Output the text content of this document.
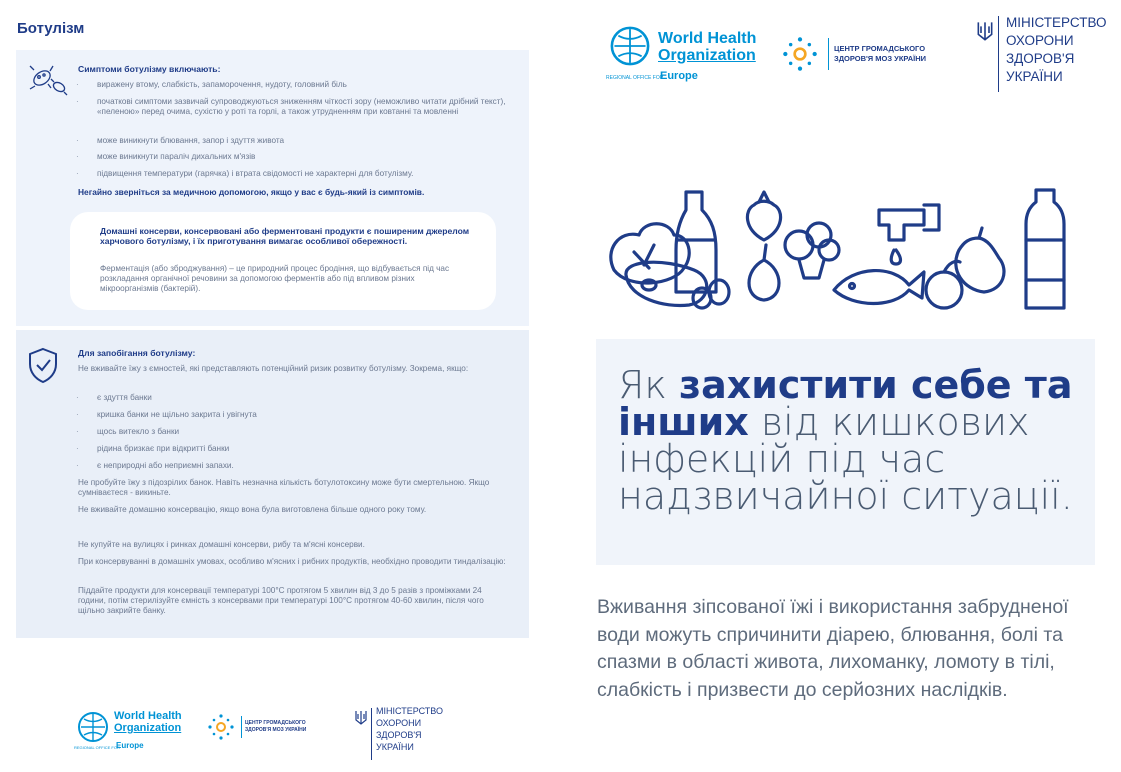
Ботулізм
Симптоми ботулізму включають:
· виражену втому, слабкість, запаморочення, нудоту, головний біль
· початкові симптоми зазвичай супроводжуються зниженням чіткості зору (неможливо читати дрібний текст), «пеленою» перед очима, сухістю у роті та горлі, а також утрудненням при ковтанні та мовленні
· може виникнути блювання, запор і здуття живота
· може виникнути параліч дихальних м'язів
· підвищення температури (гарячка) і втрата свідомості не характерні для ботулізму.
Негайно зверніться за медичною допомогою, якщо у вас є будь-який із симптомів.
Домашні консерви, консервовані або ферментовані продукти є поширеним джерелом харчового ботулізму, і їх приготування вимагає особливої обережності.
Ферментація (або зброджування) – це природний процес бродіння, що відбувається під час розкладання органічної речовини за допомогою ферментів або під впливом різних мікроорганізмів (бактерій).
Для запобігання ботулізму:
Не вживайте їжу з ємностей, які представляють потенційний ризик розвитку ботулізму. Зокрема, якщо:
· є здуття банки
· кришка банки не щільно закрита і увігнута
· щось витекло з банки
· рідина бризкає при відкритті банки
· є неприродні або неприємні запахи.
Не пробуйте їжу з підозрілих банок. Навіть незначна кількість ботулотоксину може бути смертельною. Якщо сумніваєтеся - викиньте.
Не вживайте домашню консервацію, якщо вона була виготовлена більше одного року тому.
Не купуйте на вулицях і ринках домашні консерви, рибу та м'ясні консерви.
При консервуванні в домашніх умовах, особливо м'ясних і рибних продуктів, необхідно проводити тиндалізацію:
Піддайте продукти для консервації температурі 100°C протягом 5 хвилин від 3 до 5 разів з проміжками 24 години, потім стерилізуйте ємність з консервами при температурі 100°C протягом 40-60 хвилин, після чого щільно закрийте банку.
World Health
Organization
REGIONAL OFFICE FOR
Europe
ЦЕНТР ГРОМАДСЬКОГО
ЗДОРОВ'Я МОЗ УКРАЇНИ
МІНІСТЕРСТВО
ОХОРОНИ
ЗДОРОВ'Я
УКРАЇНИ
World Health
Organization
REGIONAL OFFICE FOR
Europe
ЦЕНТР ГРОМАДСЬКОГО
ЗДОРОВ'Я МОЗ УКРАЇНИ
МІНІСТЕРСТВО
ОХОРОНИ
ЗДОРОВ'Я
УКРАЇНИ
Як захистити себе та інших від кишкових інфекцій під час надзвичайної ситуації.
Вживання зіпсованої їжі і використання забрудненої води можуть спричинити діарею, блювання, болі та спазми в області живота, лихоманку, ломоту в тілі, слабкість і призвести до серйозних наслідків.
